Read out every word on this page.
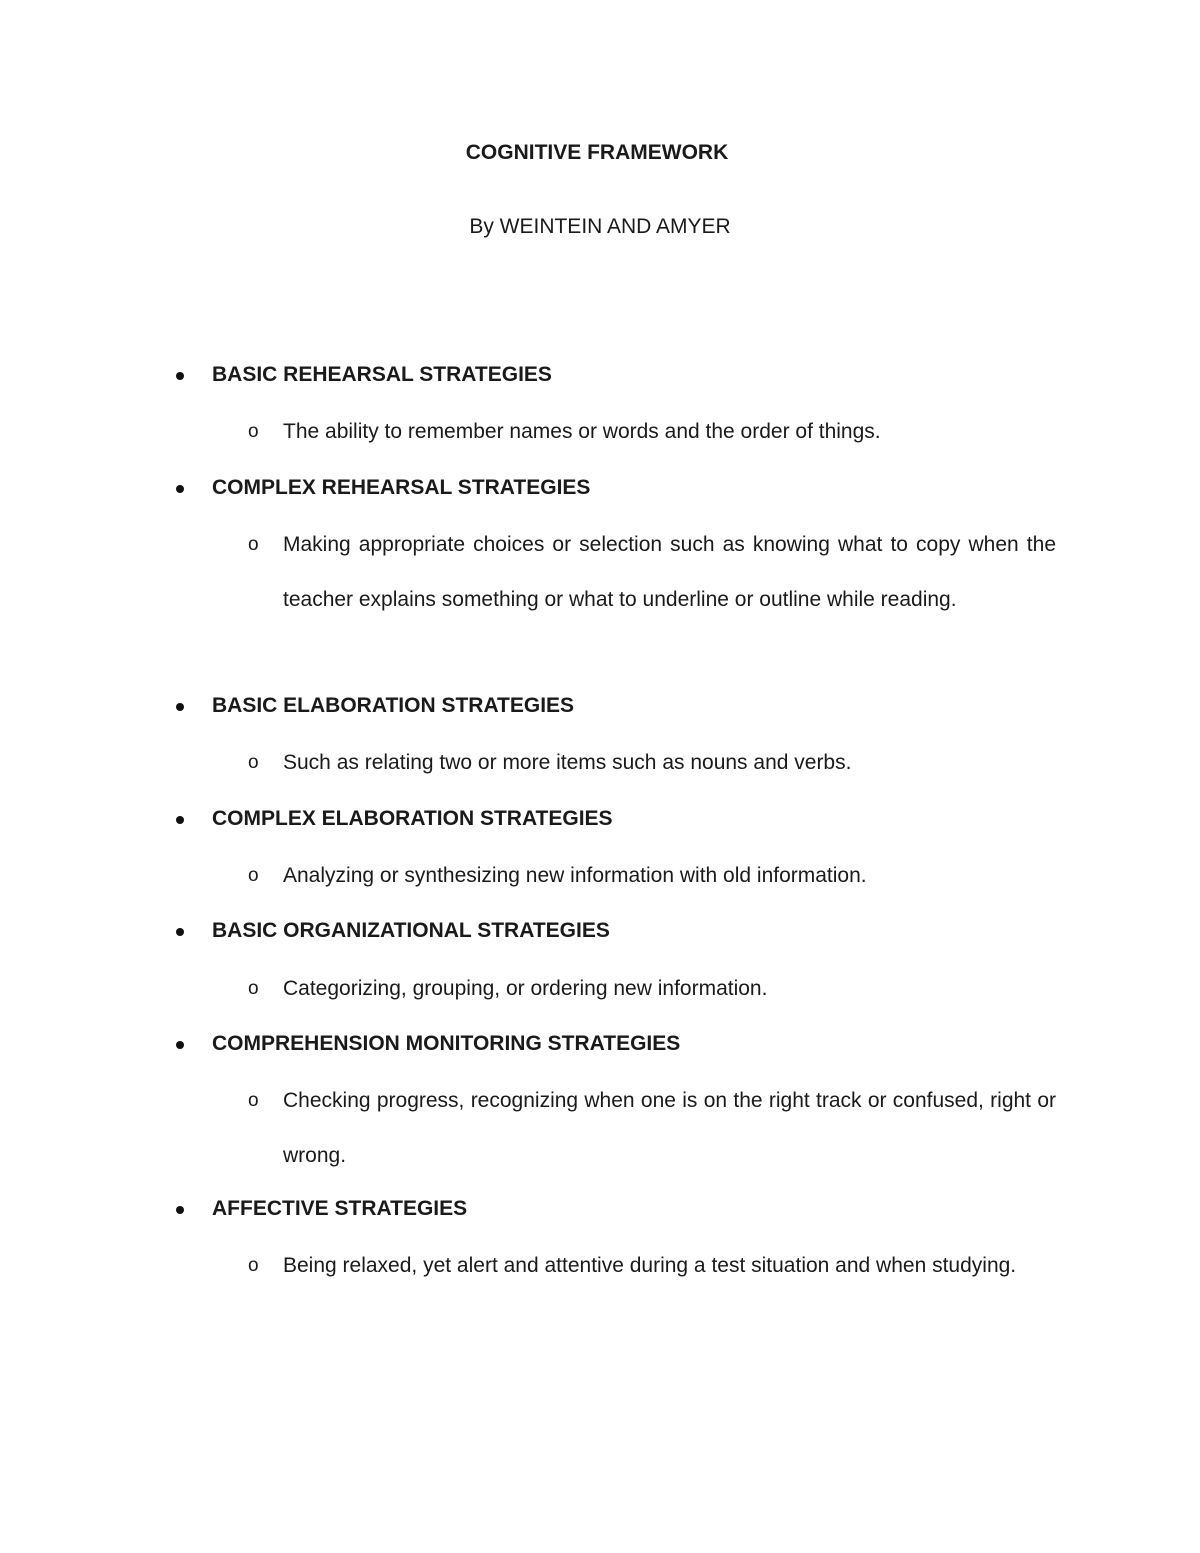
COGNITIVE FRAMEWORK
By WEINTEIN AND AMYER
BASIC REHEARSAL STRATEGIES
o The ability to remember names or words and the order of things.
COMPLEX REHEARSAL STRATEGIES
o Making appropriate choices or selection such as knowing what to copy when the teacher explains something or what to underline or outline while reading.
BASIC ELABORATION STRATEGIES
o Such as relating two or more items such as nouns and verbs.
COMPLEX ELABORATION STRATEGIES
o Analyzing or synthesizing new information with old information.
BASIC ORGANIZATIONAL STRATEGIES
o Categorizing, grouping, or ordering new information.
COMPREHENSION MONITORING STRATEGIES
o Checking progress, recognizing when one is on the right track or confused, right or wrong.
AFFECTIVE STRATEGIES
o Being relaxed, yet alert and attentive during a test situation and when studying.
